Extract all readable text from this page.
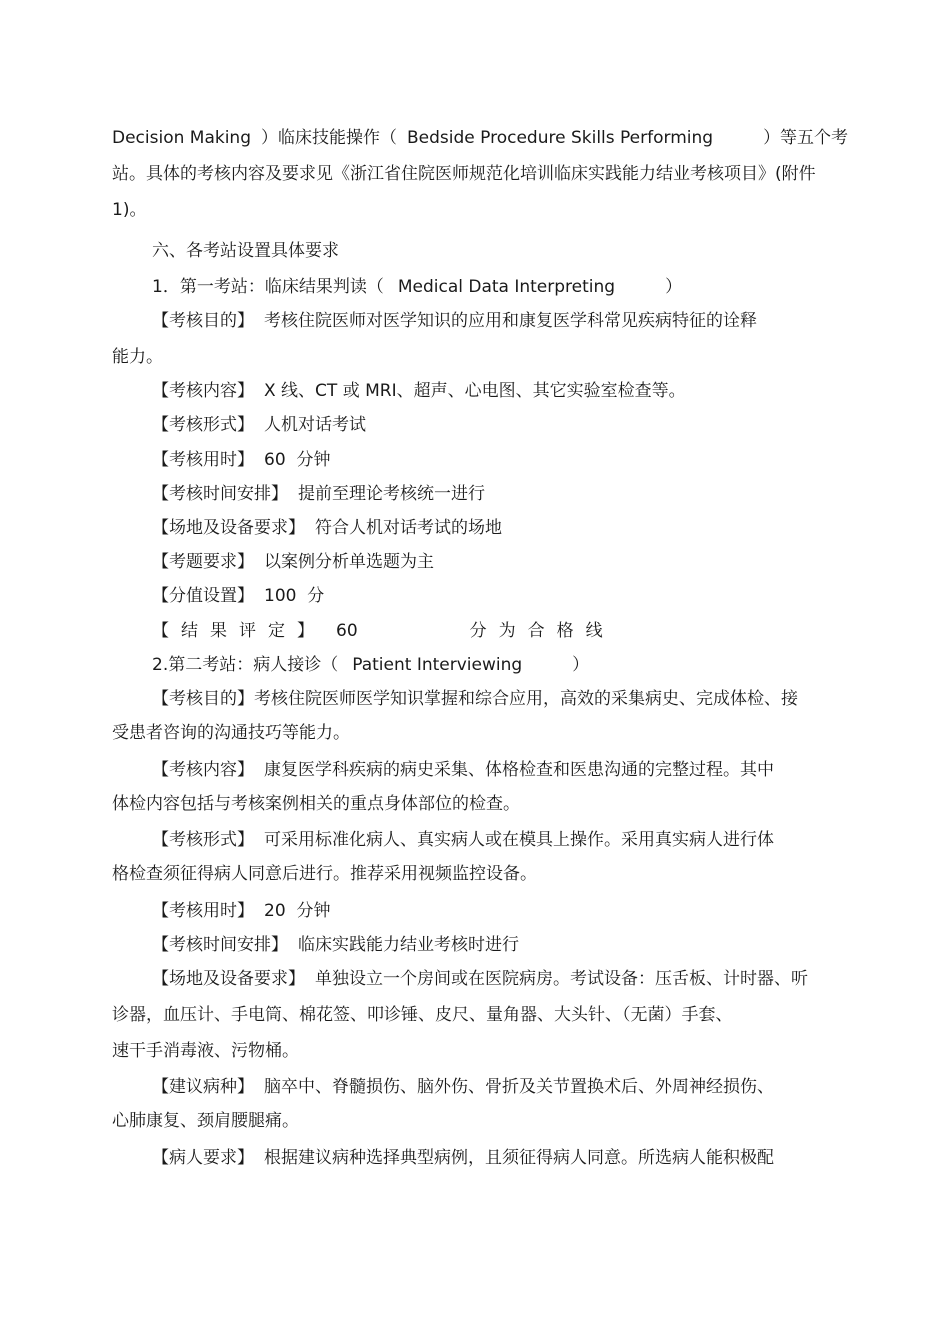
Decision Making ）临床技能操作（ Bedside Procedure Skills Performing	）等五个考
站。具体的考核内容及要求见《浙江省住院医师规范化培训临床实践能力结业考核项目》(附件
1)。
六、各考站设置具体要求
1．第一考站：临床结果判读（ Medical Data Interpreting	）
【考核目的】 考核住院医师对医学知识的应用和康复医学科常见疾病特征的诠释
能力。
【考核内容】 X 线、CT 或 MRI、超声、心电图、其它实验室检查等。
【考核形式】 人机对话考试
【考核用时】 60  分钟
【考核时间安排】 提前至理论考核统一进行
【场地及设备要求】 符合人机对话考试的场地
【考题要求】 以案例分析单选题为主
【分值设置】 100  分
【结果评定】 60	分为合格线
2.第二考站：病人接诊（ Patient Interviewing	）
【考核目的】考核住院医师医学知识掌握和综合应用，高效的采集病史、完成体检、接
受患者咨询的沟通技巧等能力。
【考核内容】 康复医学科疾病的病史采集、体格检查和医患沟通的完整过程。其中
体检内容包括与考核案例相关的重点身体部位的检查。
【考核形式】 可采用标准化病人、真实病人或在模具上操作。采用真实病人进行体
格检查须征得病人同意后进行。推荐采用视频监控设备。
【考核用时】 20  分钟
【考核时间安排】 临床实践能力结业考核时进行
【场地及设备要求】 单独设立一个房间或在医院病房。考试设备：压舌板、计时器、听
诊器，血压计、手电筒、棉花签、叩诊锤、皮尺、量角器、大头针、（无菌）手套、
速干手消毒液、污物桶。
【建议病种】 脑卒中、脊髓损伤、脑外伤、骨折及关节置换术后、外周神经损伤、
心肺康复、颈肩腰腿痛。
【病人要求】 根据建议病种选择典型病例，且须征得病人同意。所选病人能积极配
